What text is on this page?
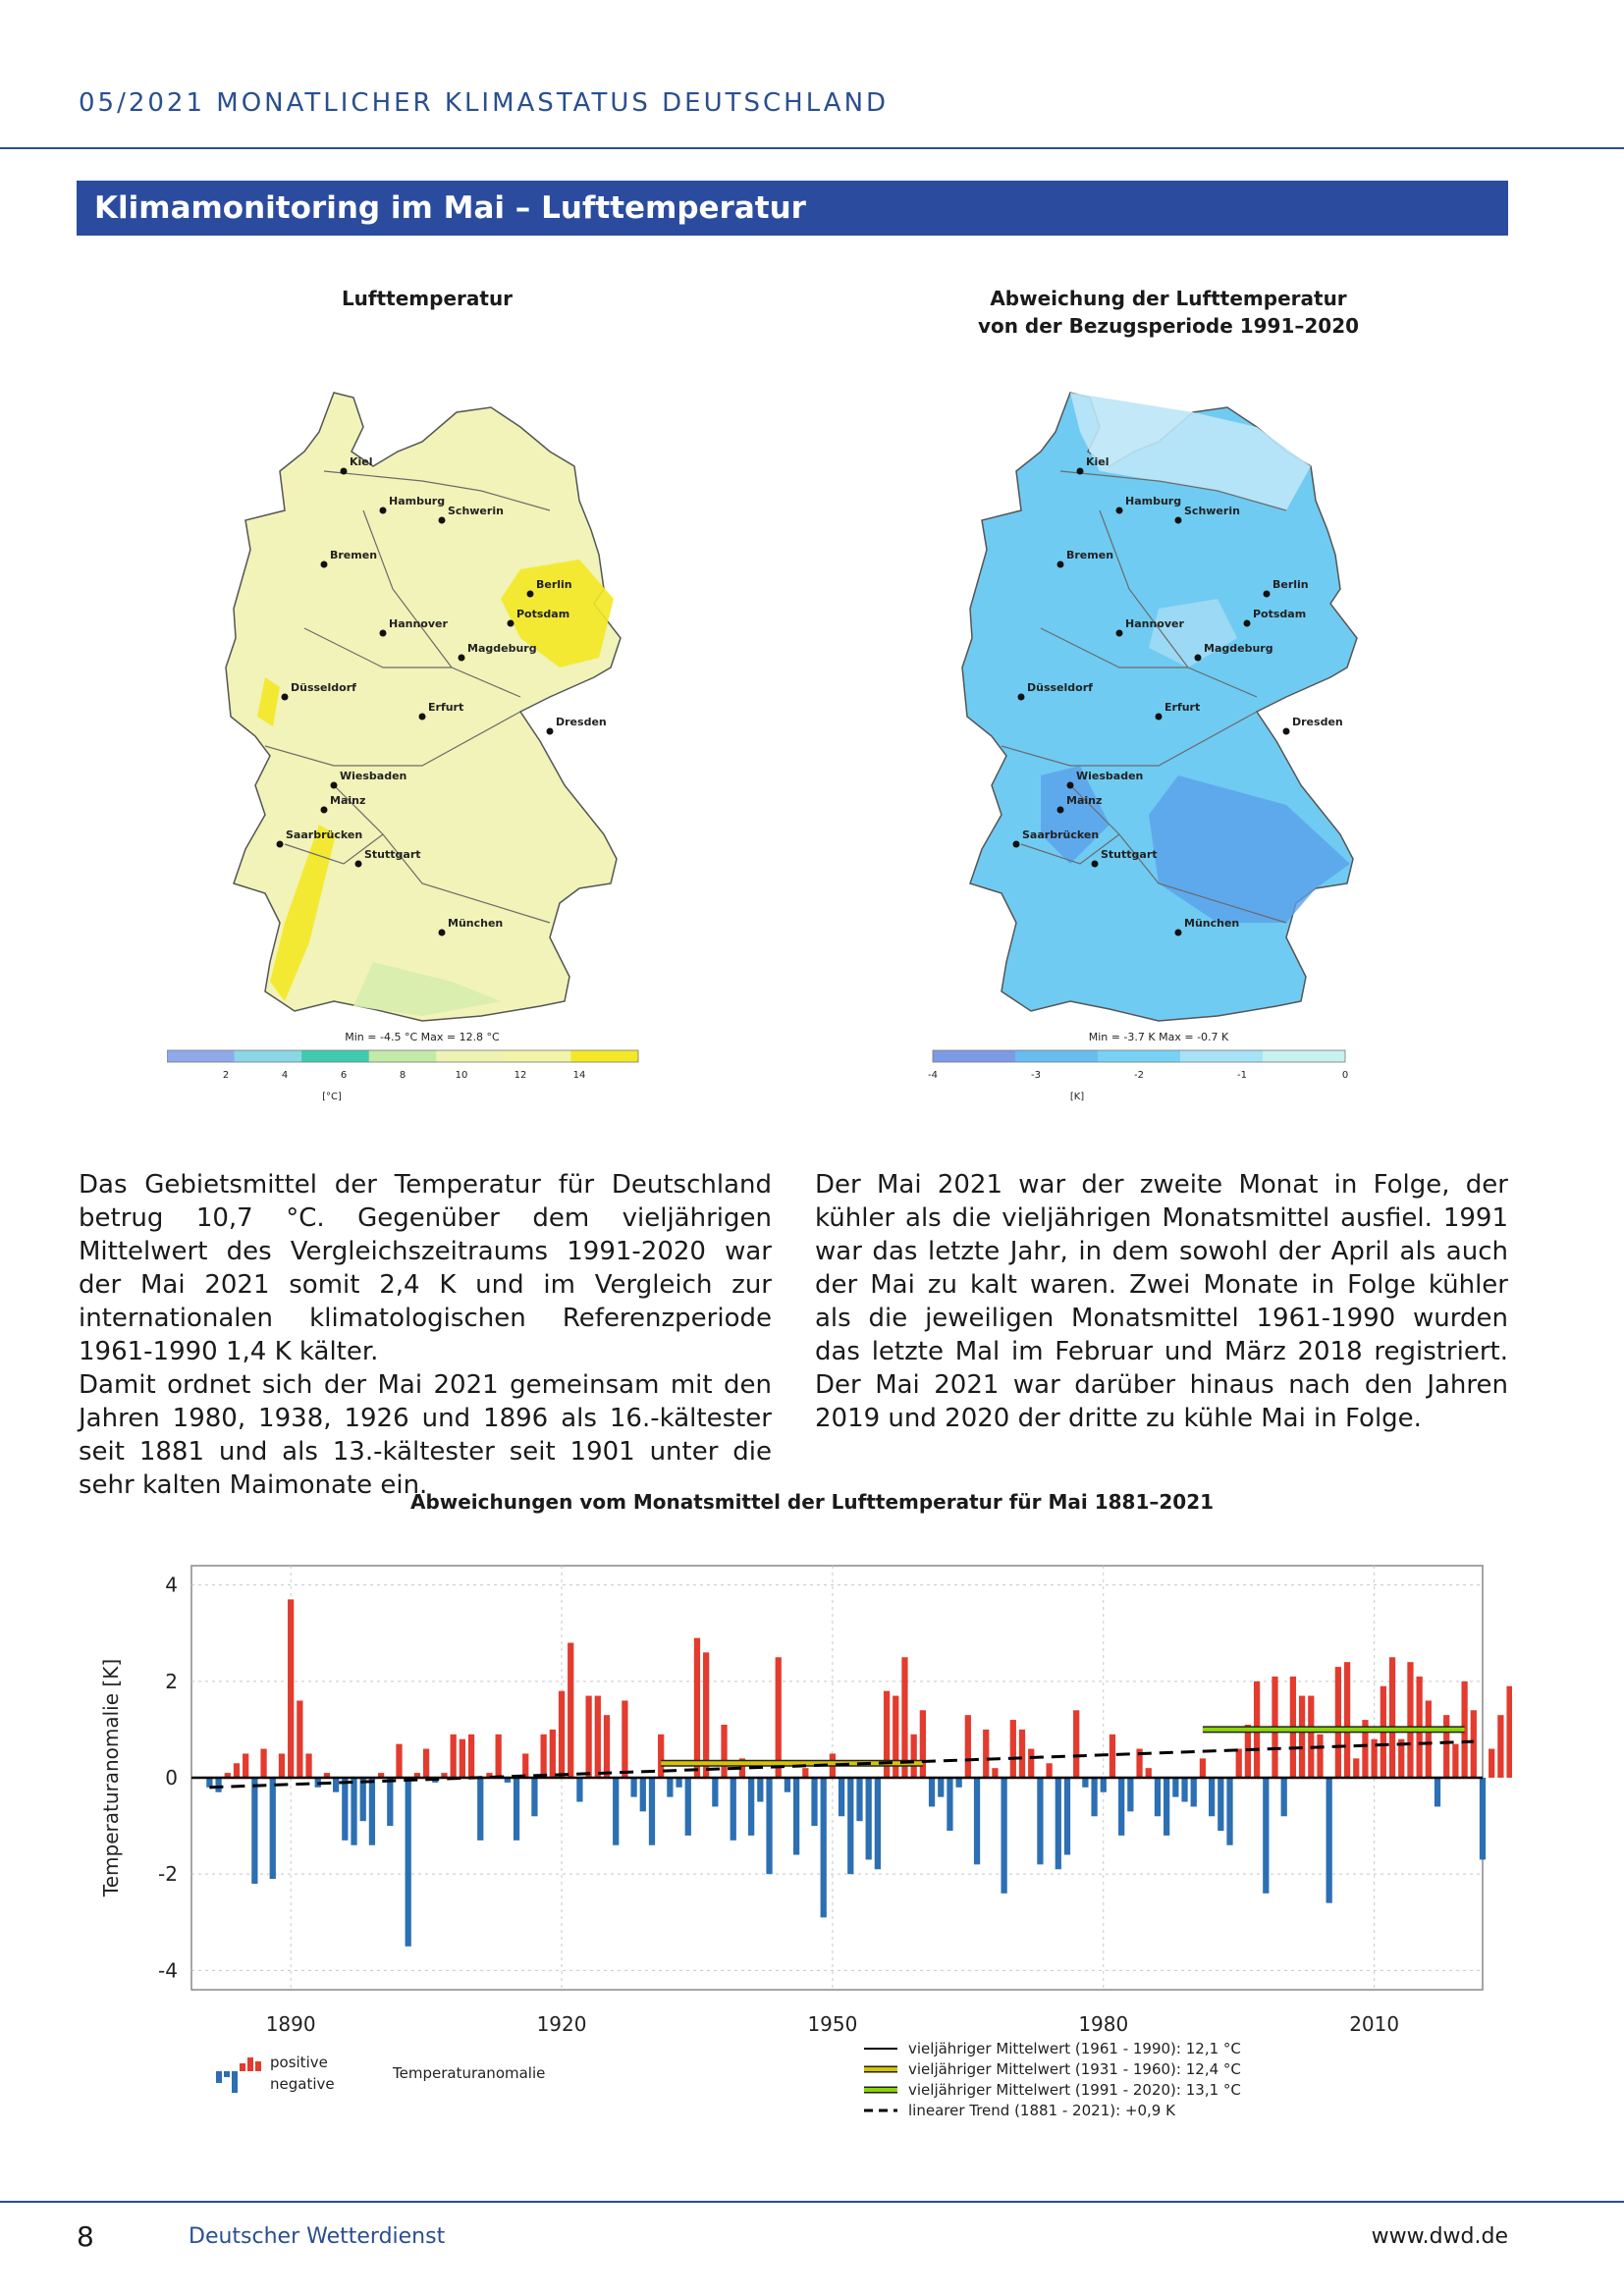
05/2021 MONATLICHER KLIMASTATUS DEUTSCHLAND
Klimamonitoring im Mai – Lufttemperatur
Lufttemperatur
Kiel
Hamburg
Schwerin
Bremen
Berlin
Potsdam
Hannover
Magdeburg
Düsseldorf
Erfurt
Dresden
Wiesbaden
Mainz
Saarbrücken
Stuttgart
München
Min = -4.5 °C Max = 12.8 °C
2	4	6	8	10	12	14
[°C]
Abweichung der Lufttemperatur
von der Bezugsperiode 1991–2020
Kiel
Hamburg
Schwerin
Bremen
Berlin
Potsdam
Hannover
Magdeburg
Düsseldorf
Erfurt
Dresden
Wiesbaden
Mainz
Saarbrücken
Stuttgart
München
Min = -3.7 K Max = -0.7 K
-4	-3	-2	-1	0
[K]

Das Gebietsmittel der Temperatur für Deutschland betrug 10,7 °C. Gegenüber dem vieljährigen Mittelwert des Vergleichszeitraums 1991-2020 war der Mai 2021 somit 2,4 K und im Vergleich zur internationalen klimatologischen Referenzperiode 1961-1990 1,4 K kälter.

Damit ordnet sich der Mai 2021 gemeinsam mit den Jahren 1980, 1938, 1926 und 1896 als 16.-kältester seit 1881 und als 13.-kältester seit 1901 unter die sehr kalten Maimonate ein.

Der Mai 2021 war der zweite Monat in Folge, der kühler als die vieljährigen Monatsmittel ausfiel. 1991 war das letzte Jahr, in dem sowohl der April als auch der Mai zu kalt waren. Zwei Monate in Folge kühler als die jeweiligen Monatsmittel 1961-1990 wurden das letzte Mal im Februar und März 2018 registriert. Der Mai 2021 war darüber hinaus nach den Jahren 2019 und 2020 der dritte zu kühle Mai in Folge.

Abweichungen vom Monatsmittel der Lufttemperatur für Mai 1881–2021
1890	1920	1950	1980	2010
-4
-2
0
2
4
Temperaturanomalie [K]
positive
negative
Temperaturanomalie
vieljähriger Mittelwert (1961 - 1990): 12,1 °C
vieljähriger Mittelwert (1931 - 1960): 12,4 °C
vieljähriger Mittelwert (1991 - 2020): 13,1 °C
linearer Trend (1881 - 2021): +0,9 K
8	Deutscher Wetterdienst	www.dwd.de
